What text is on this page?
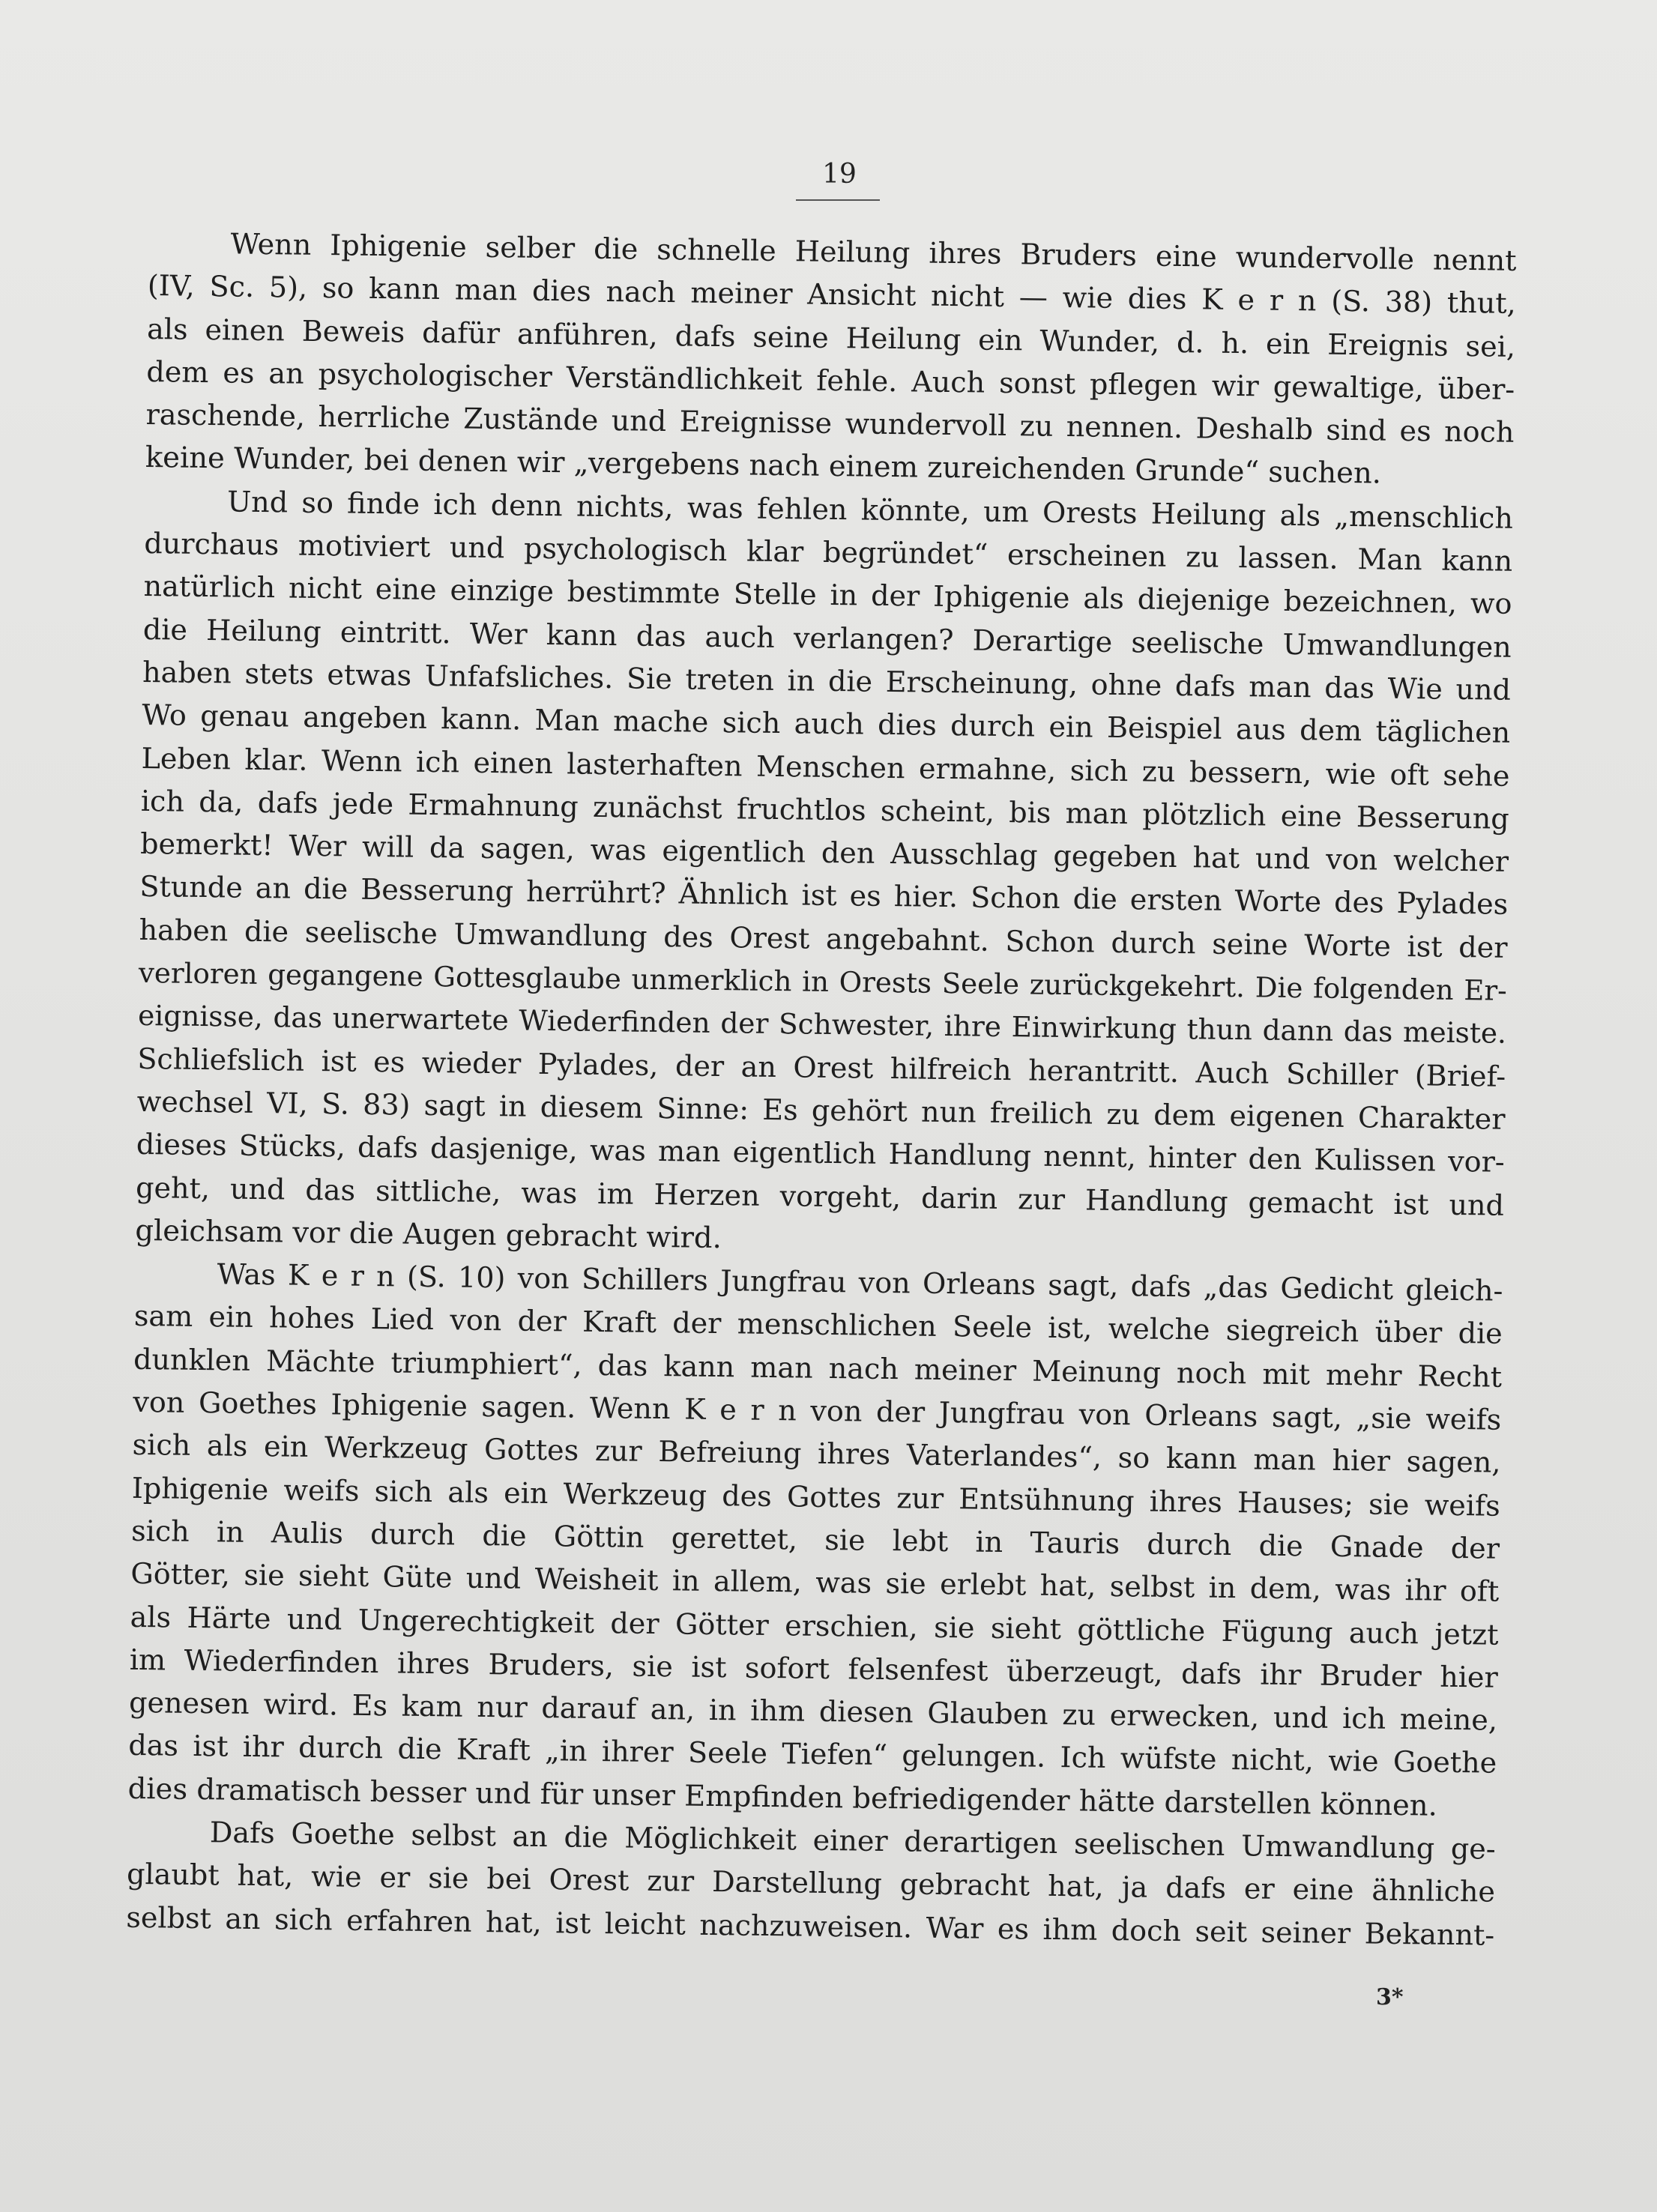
19
Wenn Iphigenie selber die schnelle Heilung ihres Bruders eine wundervolle nennt
(IV, Sc. 5), so kann man dies nach meiner Ansicht nicht — wie dies K e r n (S. 38) thut,
als einen Beweis dafür anführen, dafs seine Heilung ein Wunder, d. h. ein Ereignis sei,
dem es an psychologischer Verständlichkeit fehle. Auch sonst pflegen wir gewaltige, über-
raschende, herrliche Zustände und Ereignisse wundervoll zu nennen. Deshalb sind es noch
keine Wunder, bei denen wir „vergebens nach einem zureichenden Grunde“ suchen.
Und so finde ich denn nichts, was fehlen könnte, um Orests Heilung als „menschlich
durchaus motiviert und psychologisch klar begründet“ erscheinen zu lassen. Man kann
natürlich nicht eine einzige bestimmte Stelle in der Iphigenie als diejenige bezeichnen, wo
die Heilung eintritt. Wer kann das auch verlangen? Derartige seelische Umwandlungen
haben stets etwas Unfafsliches. Sie treten in die Erscheinung, ohne dafs man das Wie und
Wo genau angeben kann. Man mache sich auch dies durch ein Beispiel aus dem täglichen
Leben klar. Wenn ich einen lasterhaften Menschen ermahne, sich zu bessern, wie oft sehe
ich da, dafs jede Ermahnung zunächst fruchtlos scheint, bis man plötzlich eine Besserung
bemerkt! Wer will da sagen, was eigentlich den Ausschlag gegeben hat und von welcher
Stunde an die Besserung herrührt? Ähnlich ist es hier. Schon die ersten Worte des Pylades
haben die seelische Umwandlung des Orest angebahnt. Schon durch seine Worte ist der
verloren gegangene Gottesglaube unmerklich in Orests Seele zurückgekehrt. Die folgenden Er-
eignisse, das unerwartete Wiederfinden der Schwester, ihre Einwirkung thun dann das meiste.
Schliefslich ist es wieder Pylades, der an Orest hilfreich herantritt. Auch Schiller (Brief-
wechsel VI, S. 83) sagt in diesem Sinne: Es gehört nun freilich zu dem eigenen Charakter
dieses Stücks, dafs dasjenige, was man eigentlich Handlung nennt, hinter den Kulissen vor-
geht, und das sittliche, was im Herzen vorgeht, darin zur Handlung gemacht ist und
gleichsam vor die Augen gebracht wird.
Was K e r n (S. 10) von Schillers Jungfrau von Orleans sagt, dafs „das Gedicht gleich-
sam ein hohes Lied von der Kraft der menschlichen Seele ist, welche siegreich über die
dunklen Mächte triumphiert“, das kann man nach meiner Meinung noch mit mehr Recht
von Goethes Iphigenie sagen. Wenn K e r n von der Jungfrau von Orleans sagt, „sie weifs
sich als ein Werkzeug Gottes zur Befreiung ihres Vaterlandes“, so kann man hier sagen,
Iphigenie weifs sich als ein Werkzeug des Gottes zur Entsühnung ihres Hauses; sie weifs
sich in Aulis durch die Göttin gerettet, sie lebt in Tauris durch die Gnade der
Götter, sie sieht Güte und Weisheit in allem, was sie erlebt hat, selbst in dem, was ihr oft
als Härte und Ungerechtigkeit der Götter erschien, sie sieht göttliche Fügung auch jetzt
im Wiederfinden ihres Bruders, sie ist sofort felsenfest überzeugt, dafs ihr Bruder hier
genesen wird. Es kam nur darauf an, in ihm diesen Glauben zu erwecken, und ich meine,
das ist ihr durch die Kraft „in ihrer Seele Tiefen“ gelungen. Ich wüfste nicht, wie Goethe
dies dramatisch besser und für unser Empfinden befriedigender hätte darstellen können.
Dafs Goethe selbst an die Möglichkeit einer derartigen seelischen Umwandlung ge-
glaubt hat, wie er sie bei Orest zur Darstellung gebracht hat, ja dafs er eine ähnliche
selbst an sich erfahren hat, ist leicht nachzuweisen. War es ihm doch seit seiner Bekannt-
3*
